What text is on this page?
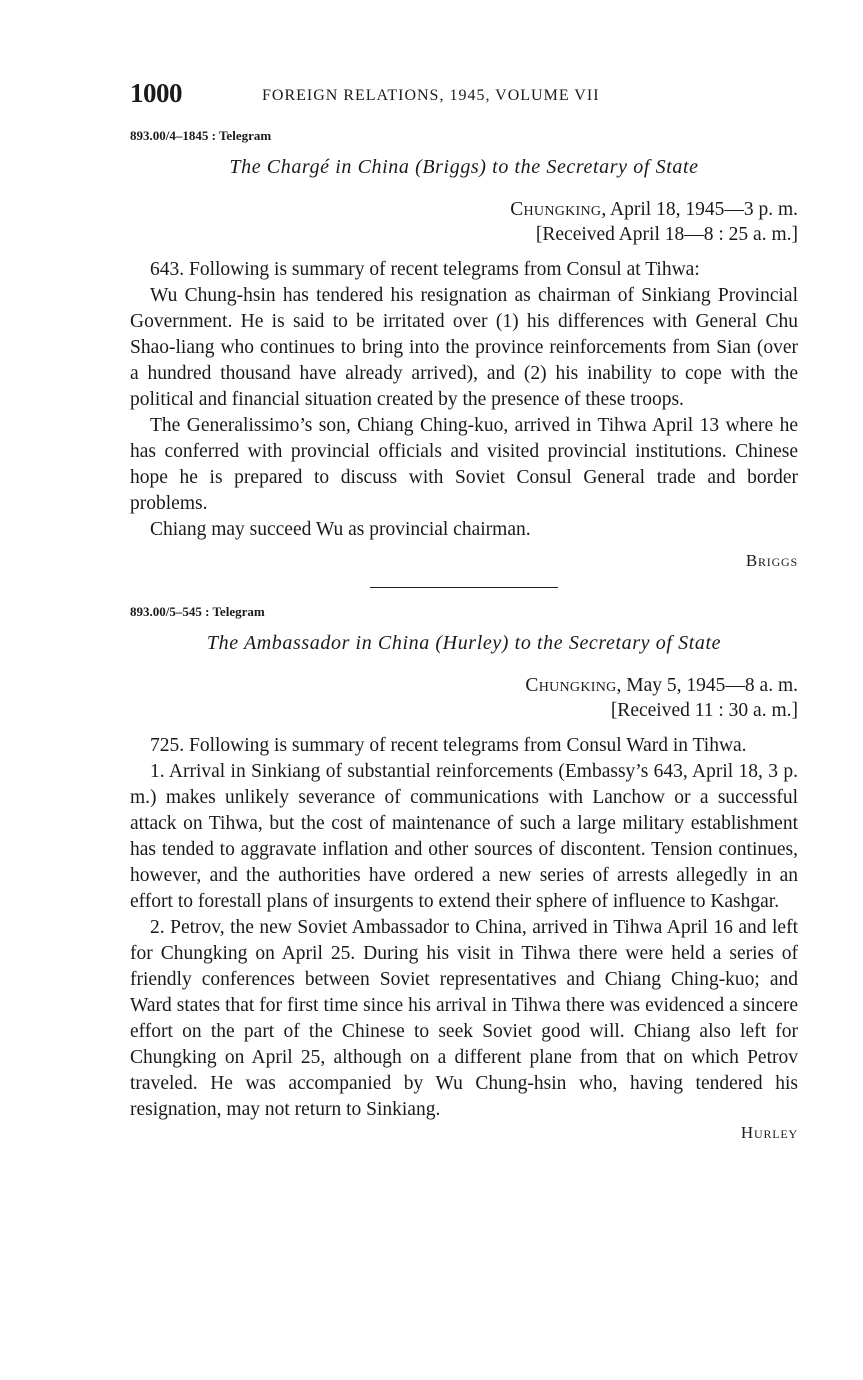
1000	FOREIGN RELATIONS, 1945, VOLUME VII
893.00/4–1845 : Telegram
The Chargé in China (Briggs) to the Secretary of State
Chungking, April 18, 1945—3 p. m.
[Received April 18—8 : 25 a. m.]

643. Following is summary of recent telegrams from Consul at Tihwa:

Wu Chung-hsin has tendered his resignation as chairman of Sinkiang Provincial Government. He is said to be irritated over (1) his differences with General Chu Shao-liang who continues to bring into the province reinforcements from Sian (over a hundred thousand have already arrived), and (2) his inability to cope with the political and financial situation created by the presence of these troops.

The Generalissimo’s son, Chiang Ching-kuo, arrived in Tihwa April 13 where he has conferred with provincial officials and visited provincial institutions. Chinese hope he is prepared to discuss with Soviet Consul General trade and border problems.

Chiang may succeed Wu as provincial chairman.

Briggs
893.00/5–545 : Telegram
The Ambassador in China (Hurley) to the Secretary of State
Chungking, May 5, 1945—8 a. m.
[Received 11 : 30 a. m.]

725. Following is summary of recent telegrams from Consul Ward in Tihwa.

1. Arrival in Sinkiang of substantial reinforcements (Embassy’s 643, April 18, 3 p. m.) makes unlikely severance of communications with Lanchow or a successful attack on Tihwa, but the cost of maintenance of such a large military establishment has tended to aggravate inflation and other sources of discontent. Tension continues, however, and the authorities have ordered a new series of arrests allegedly in an effort to forestall plans of insurgents to extend their sphere of influence to Kashgar.

2. Petrov, the new Soviet Ambassador to China, arrived in Tihwa April 16 and left for Chungking on April 25. During his visit in Tihwa there were held a series of friendly conferences between Soviet representatives and Chiang Ching-kuo; and Ward states that for first time since his arrival in Tihwa there was evidenced a sincere effort on the part of the Chinese to seek Soviet good will. Chiang also left for Chungking on April 25, although on a different plane from that on which Petrov traveled. He was accompanied by Wu Chung-hsin who, having tendered his resignation, may not return to Sinkiang.

Hurley
